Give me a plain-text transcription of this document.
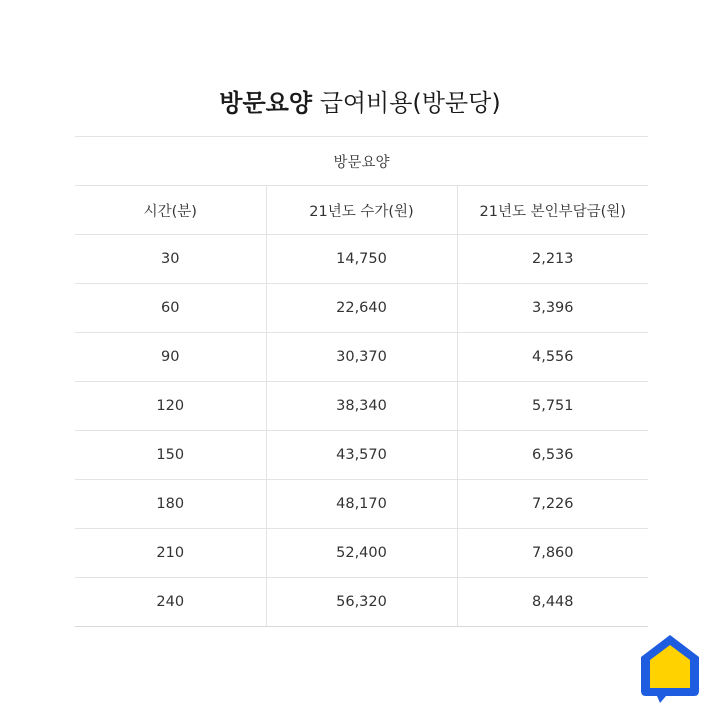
방문요양 급여비용(방문당)
방문요양		
시간(분)	21년도 수가(원)	21년도 본인부담금(원)
30	14,750	2,213
60	22,640	3,396
90	30,370	4,556
120	38,340	5,751
150	43,570	6,536
180	48,170	7,226
210	52,400	7,860
240	56,320	8,448
